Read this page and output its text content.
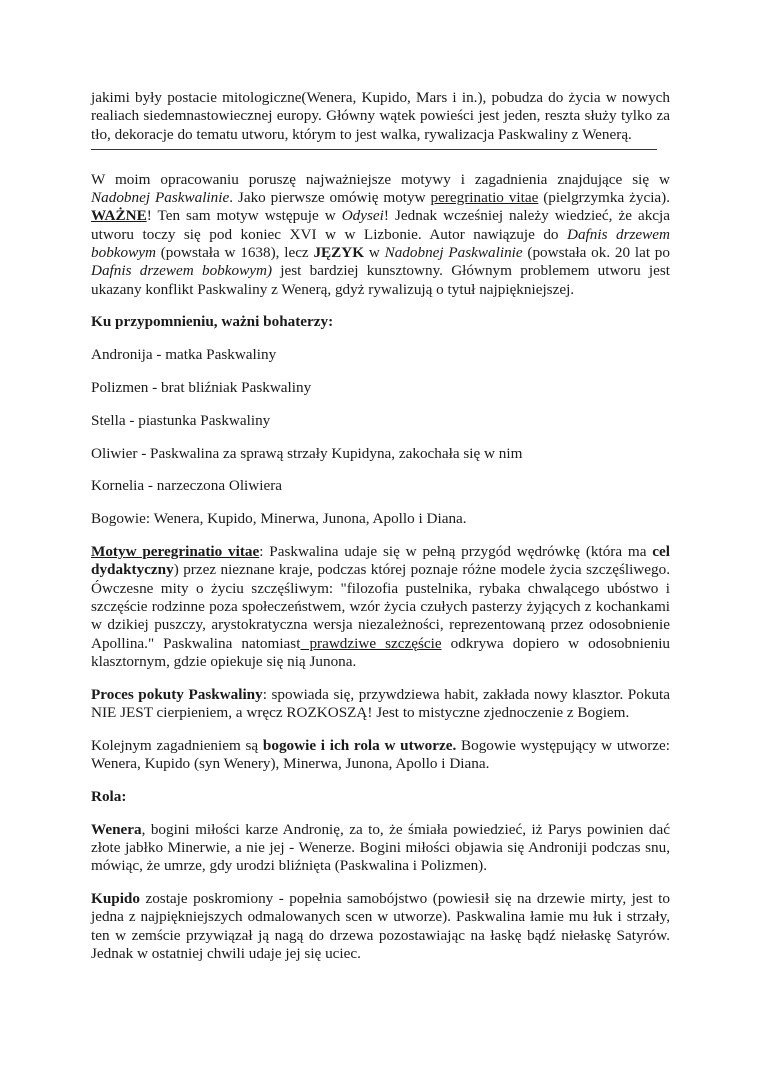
jakimi były postacie mitologiczne(Wenera, Kupido, Mars i in.), pobudza do życia w nowych realiach siedemnastowiecznej europy. Główny wątek powieści jest jeden, reszta służy tylko za tło, dekoracje do tematu utworu, którym to jest walka, rywalizacja Paskwaliny z Wenerą.

W moim opracowaniu poruszę najważniejsze motywy i zagadnienia znajdujące się w Nadobnej Paskwalinie. Jako pierwsze omówię motyw peregrinatio vitae (pielgrzymka życia). WAŻNE! Ten sam motyw wstępuje w Odysei! Jednak wcześniej należy wiedzieć, że akcja utworu toczy się pod koniec XVI w w Lizbonie. Autor nawiązuje do Dafnis drzewem bobkowym (powstała w 1638), lecz JĘZYK w Nadobnej Paskwalinie (powstała ok. 20 lat po Dafnis drzewem bobkowym) jest bardziej kunsztowny. Głównym problemem utworu jest ukazany konflikt Paskwaliny z Wenerą, gdyż rywalizują o tytuł najpiękniejszej.

Ku przypomnieniu, ważni bohaterzy:

Andronija - matka Paskwaliny

Polizmen - brat bliźniak Paskwaliny

Stella - piastunka Paskwaliny

Oliwier - Paskwalina za sprawą strzały Kupidyna, zakochała się w nim

Kornelia - narzeczona Oliwiera

Bogowie: Wenera, Kupido, Minerwa, Junona, Apollo i Diana.

Motyw peregrinatio vitae: Paskwalina udaje się w pełną przygód wędrówkę (która ma cel dydaktyczny) przez nieznane kraje, podczas której poznaje różne modele życia szczęśliwego. Ówczesne mity o życiu szczęśliwym: "filozofia pustelnika, rybaka chwalącego ubóstwo i szczęście rodzinne poza społeczeństwem, wzór życia czułych pasterzy żyjących z kochankami w dzikiej puszczy, arystokratyczna wersja niezależności, reprezentowaną przez odosobnienie Apollina." Paskwalina natomiast prawdziwe szczęście odkrywa dopiero w odosobnieniu klasztornym, gdzie opiekuje się nią Junona.

Proces pokuty Paskwaliny: spowiada się, przywdziewa habit, zakłada nowy klasztor. Pokuta NIE JEST cierpieniem, a wręcz ROZKOSZĄ! Jest to mistyczne zjednoczenie z Bogiem.

Kolejnym zagadnieniem są bogowie i ich rola w utworze. Bogowie występujący w utworze: Wenera, Kupido (syn Wenery), Minerwa, Junona, Apollo i Diana.

Rola:

Wenera, bogini miłości karze Andronię, za to, że śmiała powiedzieć, iż Parys powinien dać złote jabłko Minerwie, a nie jej - Wenerze. Bogini miłości objawia się Androniji podczas snu, mówiąc, że umrze, gdy urodzi bliźnięta (Paskwalina i Polizmen).

Kupido zostaje poskromiony - popełnia samobójstwo (powiesił się na drzewie mirty, jest to jedna z najpiękniejszych odmalowanych scen w utworze). Paskwalina łamie mu łuk i strzały, ten w zemście przywiązał ją nagą do drzewa pozostawiając na łaskę bądź niełaskę Satyrów. Jednak w ostatniej chwili udaje jej się uciec.
